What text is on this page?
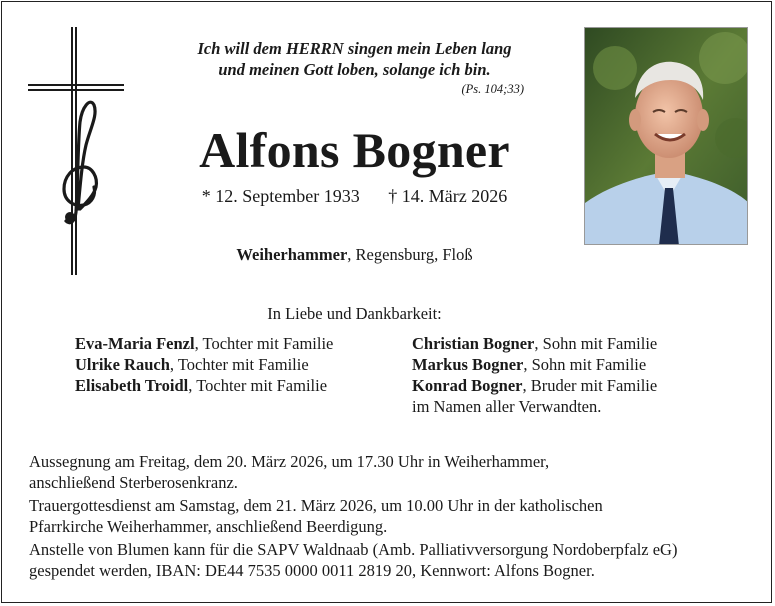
Ich will dem HERRN singen mein Leben lang
und meinen Gott loben, solange ich bin.
(Ps. 104;33)
Alfons Bogner
* 12. September 1933 † 14. März 2026
Weiherhammer, Regensburg, Floß
In Liebe und Dankbarkeit:
Eva-Maria Fenzl, Tochter mit Familie
Ulrike Rauch, Tochter mit Familie
Elisabeth Troidl, Tochter mit Familie
Christian Bogner, Sohn mit Familie
Markus Bogner, Sohn mit Familie
Konrad Bogner, Bruder mit Familie
im Namen aller Verwandten.

Aussegnung am Freitag, dem 20. März 2026, um 17.30 Uhr in Weiherhammer,
anschließend Sterberosenkranz.

Trauergottesdienst am Samstag, dem 21. März 2026, um 10.00 Uhr in der katholischen
Pfarrkirche Weiherhammer, anschließend Beerdigung.

Anstelle von Blumen kann für die SAPV Waldnaab (Amb. Palliativversorgung Nordoberpfalz eG)
gespendet werden, IBAN: DE44 7535 0000 0011 2819 20, Kennwort: Alfons Bogner.
